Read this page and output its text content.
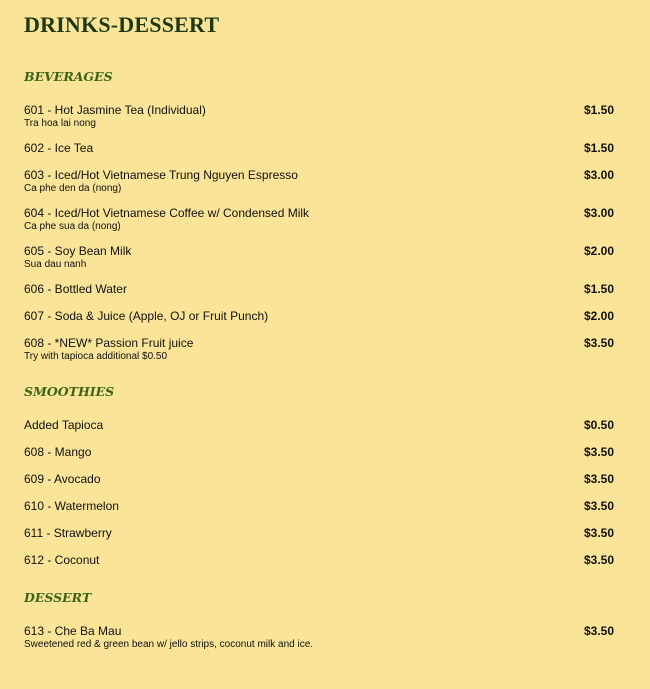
DRINKS-DESSERT
BEVERAGES
601 - Hot Jasmine Tea (Individual)	$1.50
Tra hoa lai nong
602 - Ice Tea	$1.50
603 - Iced/Hot Vietnamese Trung Nguyen Espresso	$3.00
Ca phe den da (nong)
604 - Iced/Hot Vietnamese Coffee w/ Condensed Milk	$3.00
Ca phe sua da (nong)
605 - Soy Bean Milk	$2.00
Sua dau nanh
606 - Bottled Water	$1.50
607 - Soda & Juice (Apple, OJ or Fruit Punch)	$2.00
608 - *NEW* Passion Fruit juice	$3.50
Try with tapioca additional $0.50
SMOOTHIES
Added Tapioca	$0.50
608 - Mango	$3.50
609 - Avocado	$3.50
610 - Watermelon	$3.50
611 - Strawberry	$3.50
612 - Coconut	$3.50
DESSERT
613 - Che Ba Mau	$3.50
Sweetened red & green bean w/ jello strips, coconut milk and ice.
